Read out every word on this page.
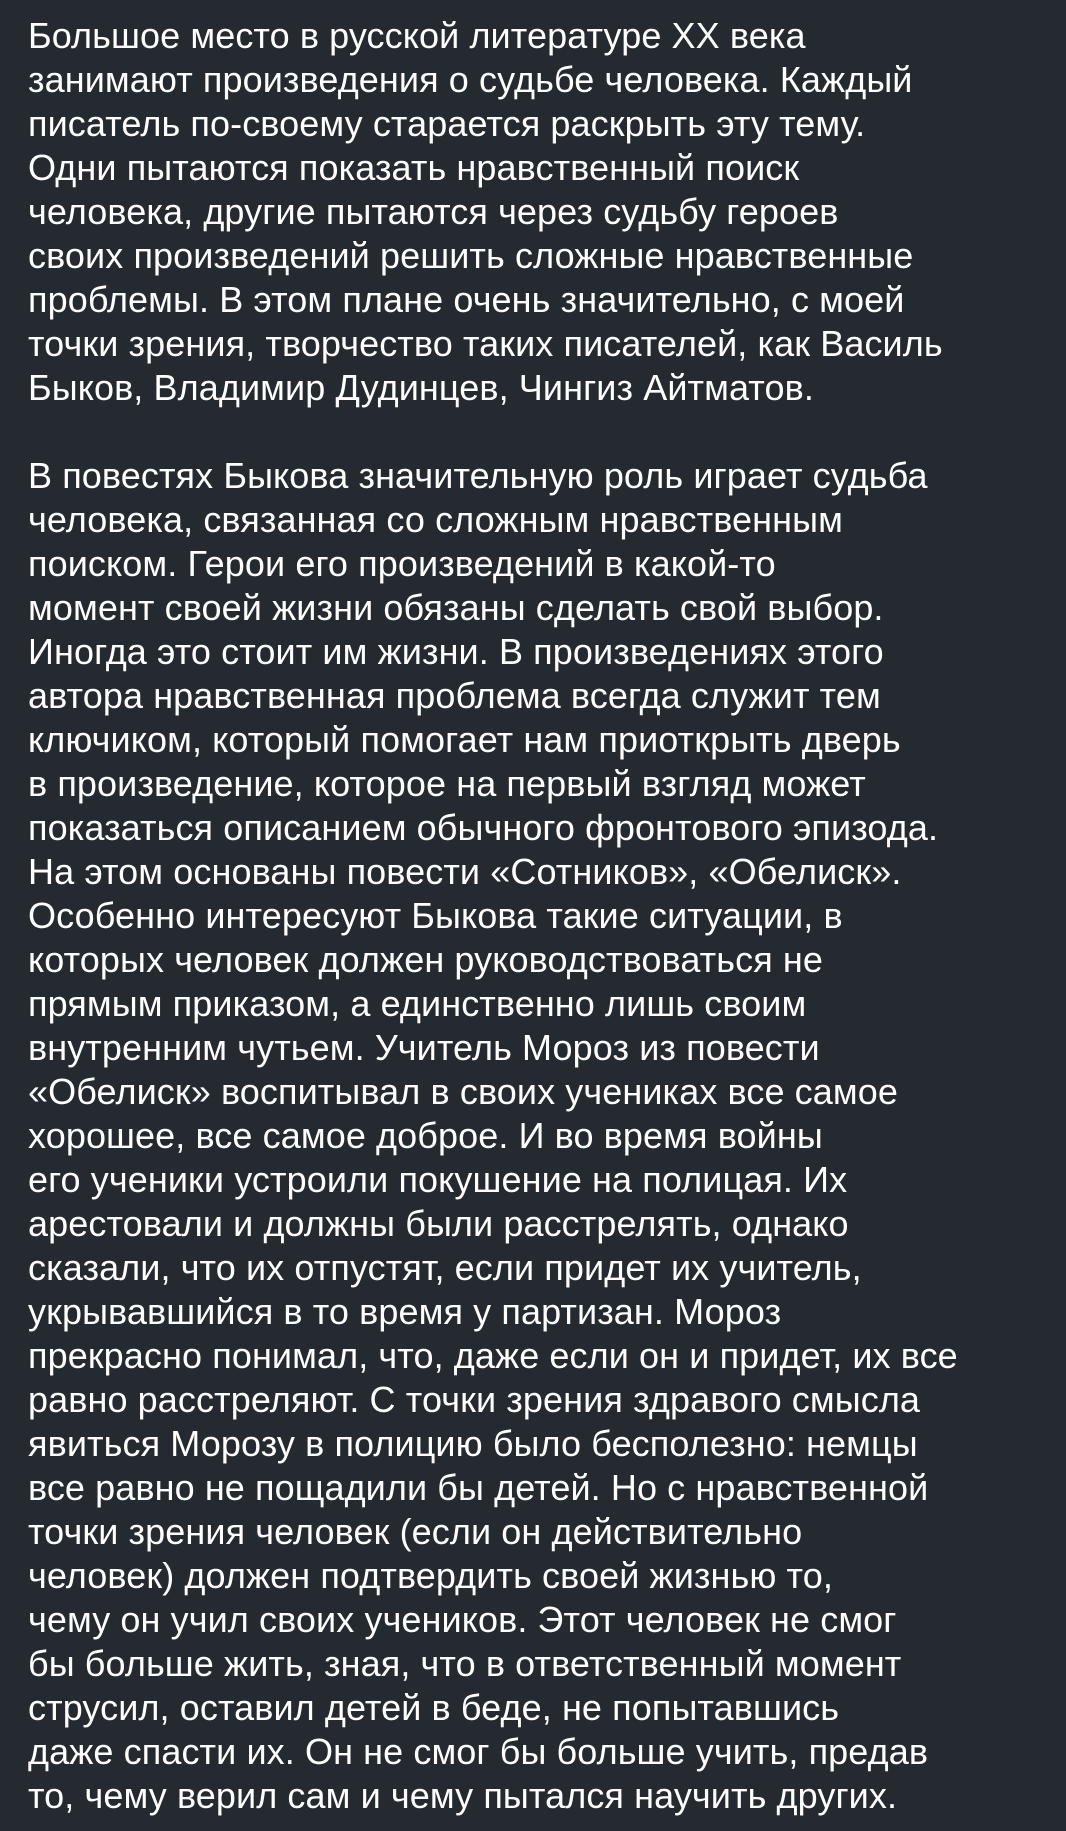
Большое место в русской литературе XX века
занимают произведения о судьбе человека. Каждый
писатель по-своему старается раскрыть эту тему.
Одни пытаются показать нравственный поиск
человека, другие пытаются через судьбу героев
своих произведений решить сложные нравственные
проблемы. В этом плане очень значительно, с моей
точки зрения, творчество таких писателей, как Василь
Быков, Владимир Дудинцев, Чингиз Айтматов.
В повестях Быкова значительную роль играет судьба
человека, связанная со сложным нравственным
поиском. Герои его произведений в какой-то
момент своей жизни обязаны сделать свой выбор.
Иногда это стоит им жизни. В произведениях этого
автора нравственная проблема всегда служит тем
ключиком, который помогает нам приоткрыть дверь
в произведение, которое на первый взгляд может
показаться описанием обычного фронтового эпизода.
На этом основаны повести «Сотников», «Обелиск».
Особенно интересуют Быкова такие ситуации, в
которых человек должен руководствоваться не
прямым приказом, а единственно лишь своим
внутренним чутьем. Учитель Мороз из повести
«Обелиск» воспитывал в своих учениках все самое
хорошее, все самое доброе. И во время войны
его ученики устроили покушение на полицая. Их
арестовали и должны были расстрелять, однако
сказали, что их отпустят, если придет их учитель,
укрывавшийся в то время у партизан. Мороз
прекрасно понимал, что, даже если он и придет, их все
равно расстреляют. С точки зрения здравого смысла
явиться Морозу в полицию было бесполезно: немцы
все равно не пощадили бы детей. Но с нравственной
точки зрения человек (если он действительно
человек) должен подтвердить своей жизнью то,
чему он учил своих учеников. Этот человек не смог
бы больше жить, зная, что в ответственный момент
струсил, оставил детей в беде, не попытавшись
даже спасти их. Он не смог бы больше учить, предав
то, чему верил сам и чему пытался научить других.
